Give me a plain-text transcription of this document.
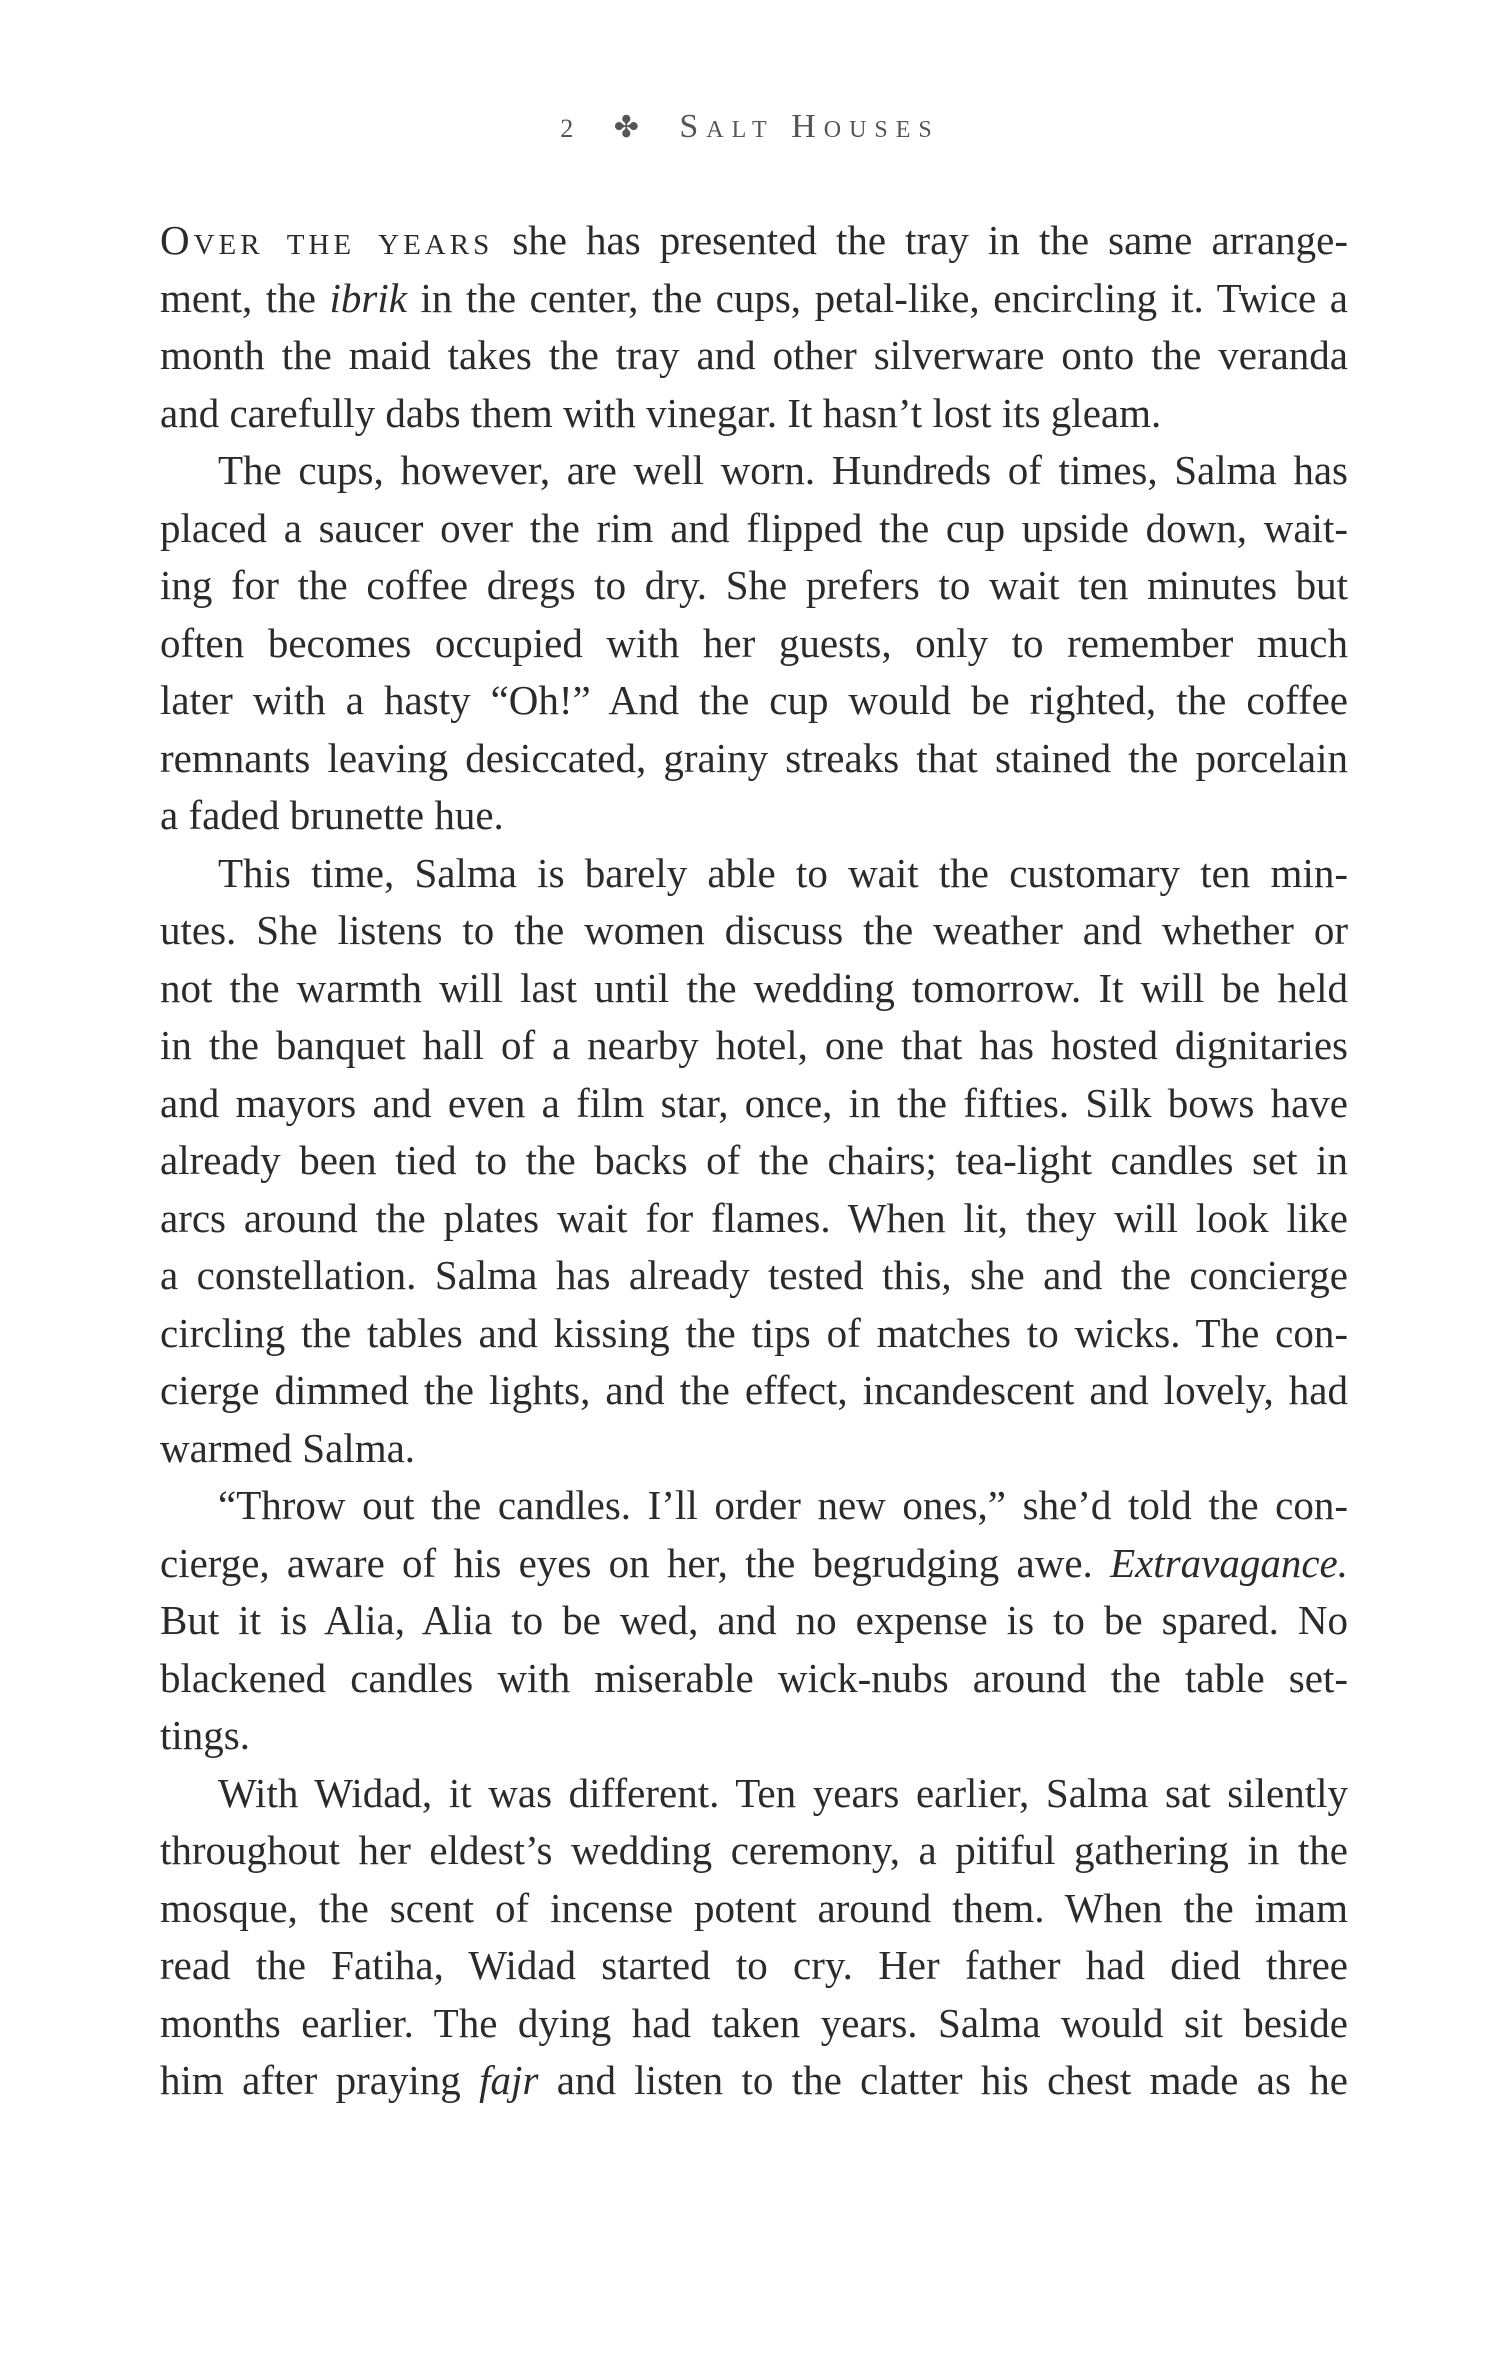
2 ✤ Salt Houses
Over the years she has presented the tray in the same arrange-
ment, the ibrik in the center, the cups, petal-like, encircling it. Twice a
month the maid takes the tray and other silverware onto the veranda
and carefully dabs them with vinegar. It hasn’t lost its gleam.
The cups, however, are well worn. Hundreds of times, Salma has
placed a saucer over the rim and flipped the cup upside down, wait-
ing for the coffee dregs to dry. She prefers to wait ten minutes but
often becomes occupied with her guests, only to remember much
later with a hasty “Oh!” And the cup would be righted, the coffee
remnants leaving desiccated, grainy streaks that stained the porcelain
a faded brunette hue.
This time, Salma is barely able to wait the customary ten min-
utes. She listens to the women discuss the weather and whether or
not the warmth will last until the wedding tomorrow. It will be held
in the banquet hall of a nearby hotel, one that has hosted dignitaries
and mayors and even a film star, once, in the fifties. Silk bows have
already been tied to the backs of the chairs; tea-light candles set in
arcs around the plates wait for flames. When lit, they will look like
a constellation. Salma has already tested this, she and the concierge
circling the tables and kissing the tips of matches to wicks. The con-
cierge dimmed the lights, and the effect, incandescent and lovely, had
warmed Salma.
“Throw out the candles. I’ll order new ones,” she’d told the con-
cierge, aware of his eyes on her, the begrudging awe. Extravagance.
But it is Alia, Alia to be wed, and no expense is to be spared. No
blackened candles with miserable wick-nubs around the table set-
tings.
With Widad, it was different. Ten years earlier, Salma sat silently
throughout her eldest’s wedding ceremony, a pitiful gathering in the
mosque, the scent of incense potent around them. When the imam
read the Fatiha, Widad started to cry. Her father had died three
months earlier. The dying had taken years. Salma would sit beside
him after praying fajr and listen to the clatter his chest made as he
